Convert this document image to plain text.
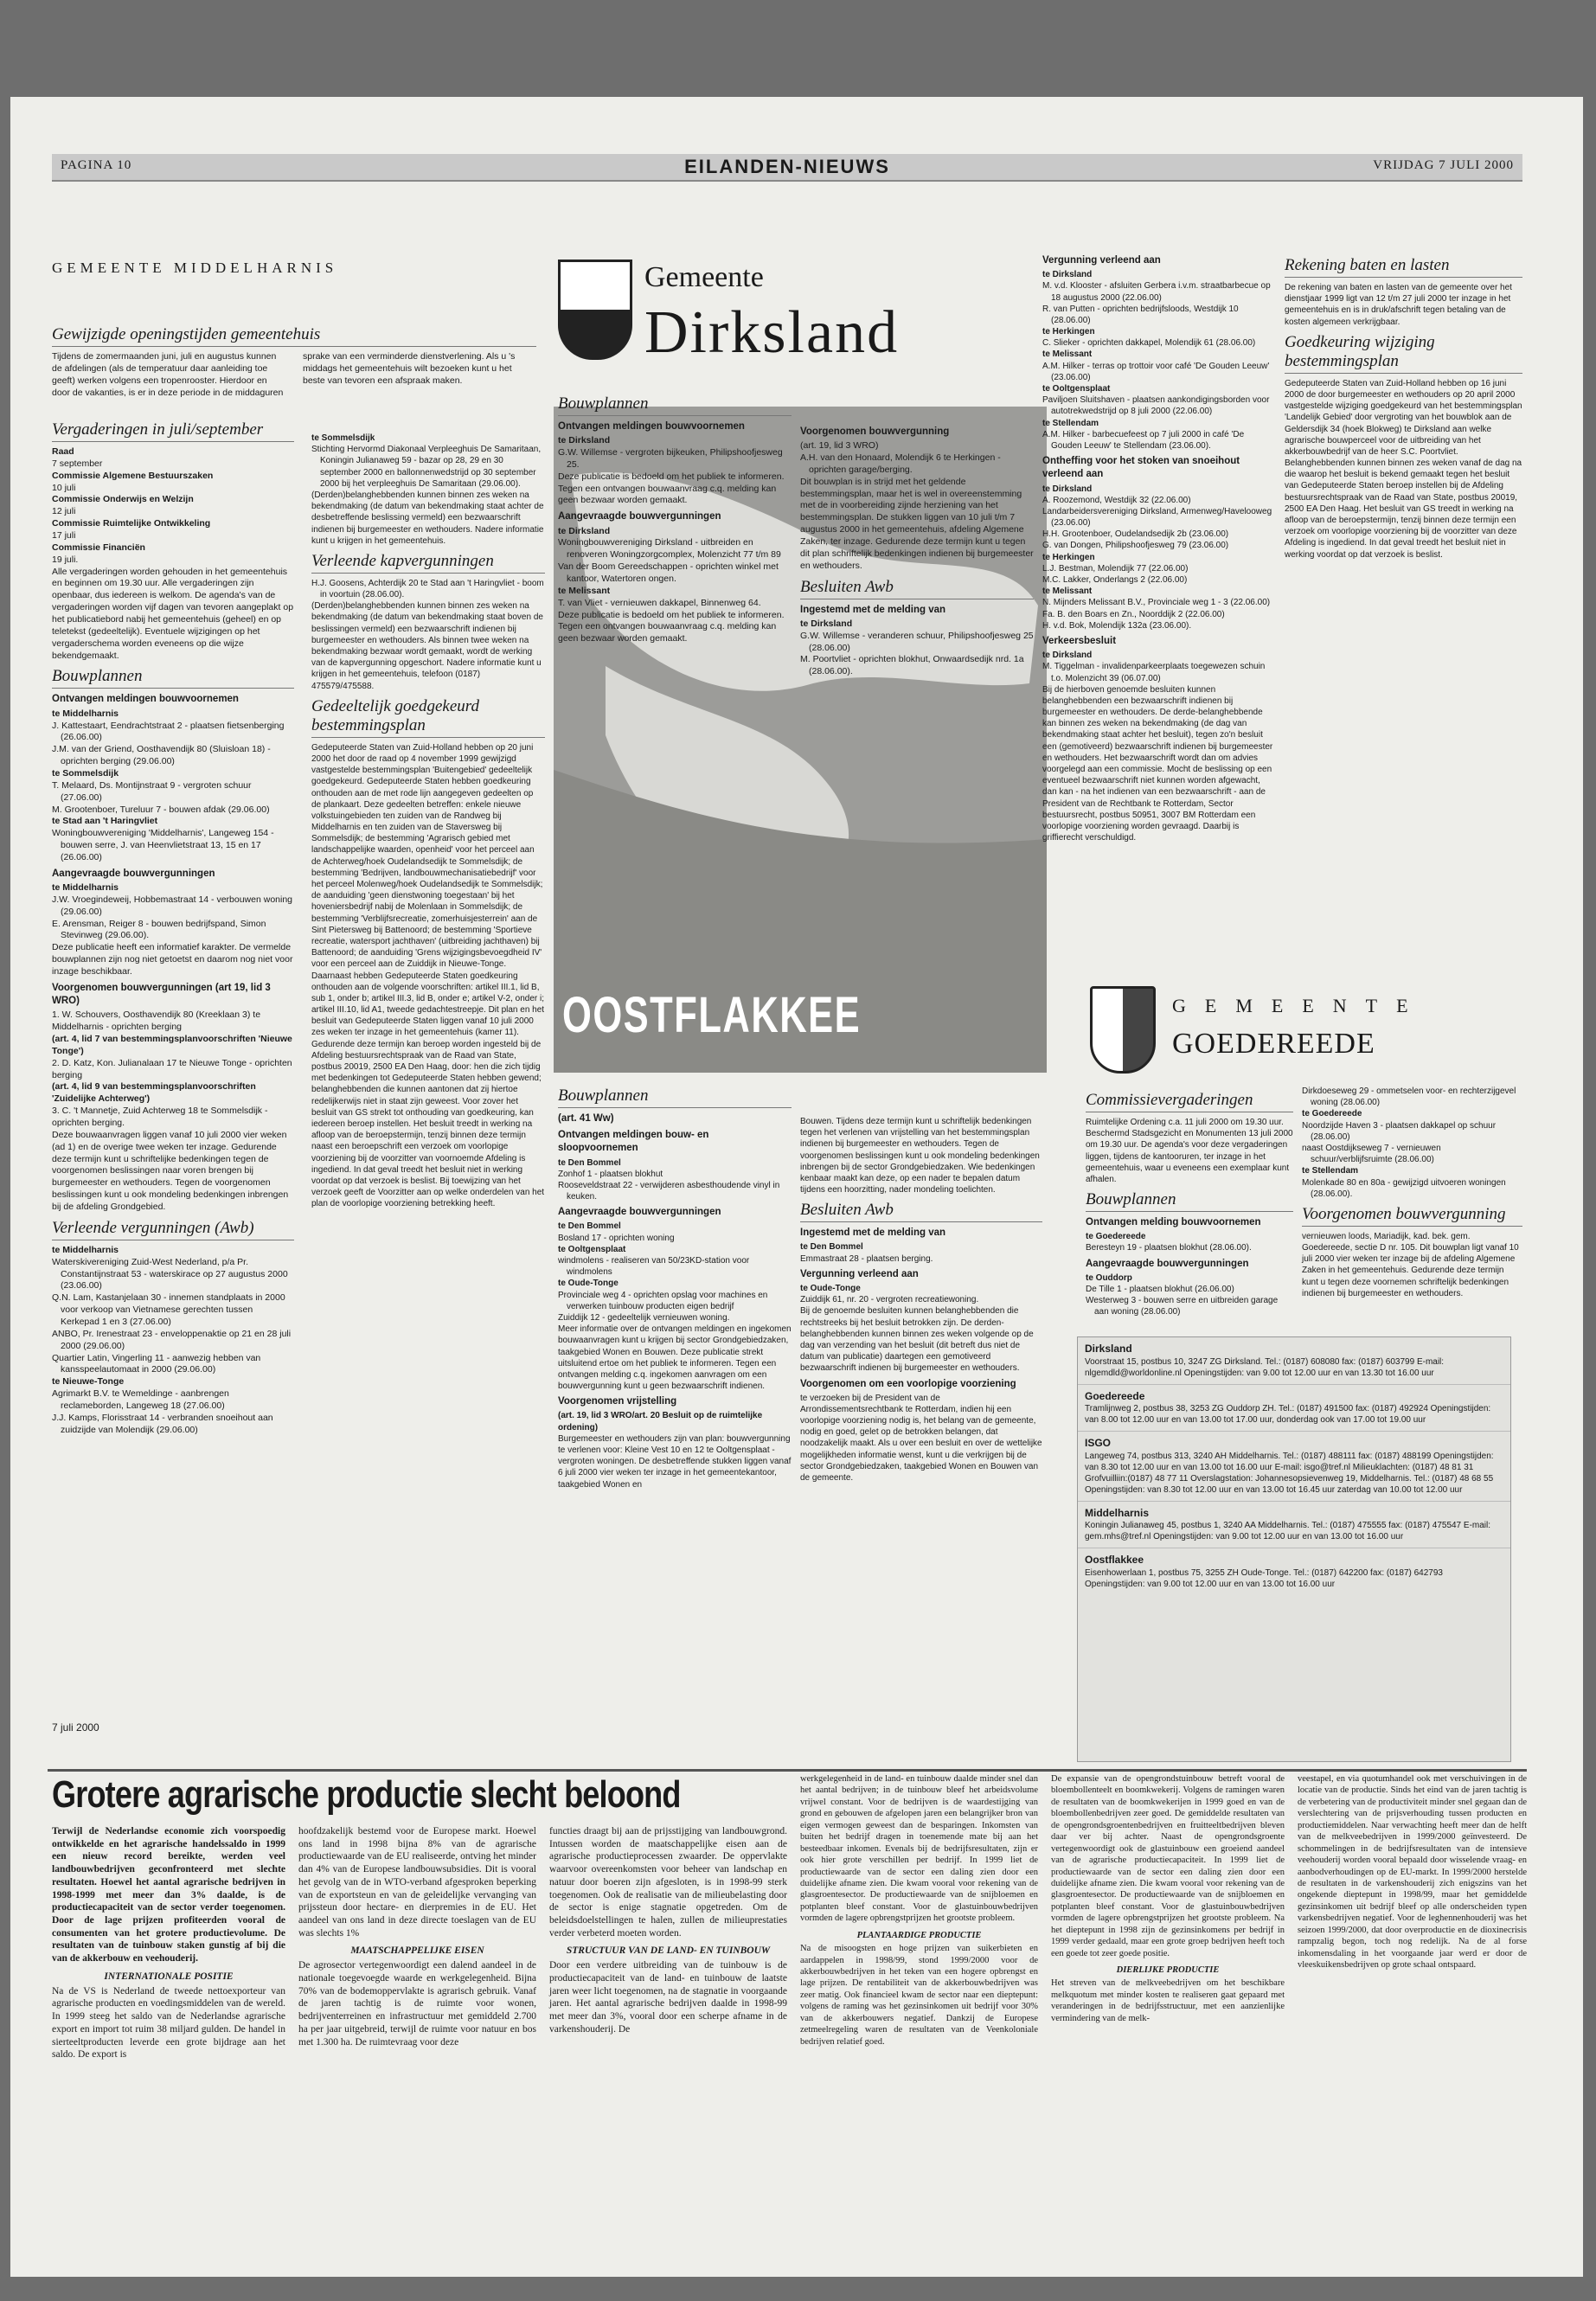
PAGINA 10	EILANDEN-NIEUWS	VRIJDAG 7 JULI 2000
GEMEENTE MIDDELHARNIS
Gewijzigde openingstijden gemeentehuis

Tijdens de zomermaanden juni, juli en augustus kunnen de afdelingen (als de temperatuur daar aanleiding toe geeft) werken volgens een tropenrooster. Hierdoor en door de vakanties, is er in deze periode in de middaguren sprake van een verminderde dienstverlening. Als u 's middags het gemeentehuis wilt bezoeken kunt u het beste van tevoren een afspraak maken.

Vergaderingen in juli/september
Raad
7 september
Commissie Algemene Bestuurszaken
10 juli
Commissie Onderwijs en Welzijn
12 juli
Commissie Ruimtelijke Ontwikkeling
17 juli
Commissie Financiën
19 juli.

Alle vergaderingen worden gehouden in het gemeentehuis en beginnen om 19.30 uur. Alle vergaderingen zijn openbaar, dus iedereen is welkom. De agenda's van de vergaderingen worden vijf dagen van tevoren aangeplakt op het publicatiebord nabij het gemeentehuis (geheel) en op teletekst (gedeeltelijk). Eventuele wijzigingen op het vergaderschema worden eveneens op die wijze bekendgemaakt.

Bouwplannen
Ontvangen meldingen bouwvoornemen
te Middelharnis
J. Kattestaart, Eendrachtstraat 2 - plaatsen fietsenberging (26.06.00)
J.M. van der Griend, Oosthavendijk 80 (Sluisloan 18) - oprichten berging (29.06.00)
te Sommelsdijk
T. Melaard, Ds. Montijnstraat 9 - vergroten schuur (27.06.00)
M. Grootenboer, Tureluur 7 - bouwen afdak (29.06.00)
te Stad aan 't Haringvliet
Woningbouwvereniging 'Middelharnis', Langeweg 154 - bouwen serre, J. van Heenvlietstraat 13, 15 en 17 (26.06.00)
Aangevraagde bouwvergunningen
te Middelharnis
J.W. Vroegindeweij, Hobbemastraat 14 - verbouwen woning (29.06.00)
E. Arensman, Reiger 8 - bouwen bedrijfspand, Simon Stevinweg (29.06.00).

Deze publicatie heeft een informatief karakter. De vermelde bouwplannen zijn nog niet getoetst en daarom nog niet voor inzage beschikbaar.

Voorgenomen bouwvergunningen (art 19, lid 3 WRO)
1. W. Schouvers, Oosthavendijk 80 (Kreeklaan 3) te Middelharnis - oprichten berging
(art. 4, lid 7 van bestemmingsplanvoorschriften 'Nieuwe Tonge')
2. D. Katz, Kon. Julianalaan 17 te Nieuwe Tonge - oprichten berging
(art. 4, lid 9 van bestemmingsplanvoorschriften 'Zuidelijke Achterweg')
3. C. 't Mannetje, Zuid Achterweg 18 te Sommelsdijk - oprichten berging.

Deze bouwaanvragen liggen vanaf 10 juli 2000 vier weken (ad 1) en de overige twee weken ter inzage. Gedurende deze termijn kunt u schriftelijke bedenkingen tegen de voorgenomen beslissingen naar voren brengen bij burgemeester en wethouders. Tegen de voorgenomen beslissingen kunt u ook mondeling bedenkingen inbrengen bij de afdeling Grondgebied.

Verleende vergunningen (Awb)
te Middelharnis
Waterskivereniging Zuid-West Nederland, p/a Pr. Constantijnstraat 53 - waterskirace op 27 augustus 2000 (23.06.00)
Q.N. Lam, Kastanjelaan 30 - innemen standplaats in 2000 voor verkoop van Vietnamese gerechten tussen Kerkepad 1 en 3 (27.06.00)
ANBO, Pr. Irenestraat 23 - enveloppenaktie op 21 en 28 juli 2000 (29.06.00)
Quartier Latin, Vingerling 11 - aanwezig hebben van kansspeelautomaat in 2000 (29.06.00)
te Nieuwe-Tonge
Agrimarkt B.V. te Wemeldinge - aanbrengen reclameborden, Langeweg 18 (27.06.00)
J.J. Kamps, Florisstraat 14 - verbranden snoeihout aan zuidzijde van Molendijk (29.06.00)
7 juli 2000
te Sommelsdijk
Stichting Hervormd Diakonaal Verpleeghuis De Samaritaan, Koningin Julianaweg 59 - bazar op 28, 29 en 30 september 2000 en ballonnenwedstrijd op 30 september 2000 bij het verpleeghuis De Samaritaan (29.06.00).

(Derden)belanghebbenden kunnen binnen zes weken na bekendmaking (de datum van bekendmaking staat achter de desbetreffende beslissing vermeld) een bezwaarschrift indienen bij burgemeester en wethouders. Nadere informatie kunt u krijgen in het gemeentehuis.

Verleende kapvergunningen
H.J. Goosens, Achterdijk 20 te Stad aan 't Haringvliet - boom in voortuin (28.06.00).

(Derden)belanghebbenden kunnen binnen zes weken na bekendmaking (de datum van bekendmaking staat boven de beslissingen vermeld) een bezwaarschrift indienen bij burgemeester en wethouders. Als binnen twee weken na bekendmaking bezwaar wordt gemaakt, wordt de werking van de kapvergunning opgeschort. Nadere informatie kunt u krijgen in het gemeentehuis, telefoon (0187) 475579/475588.

Gedeeltelijk goedgekeurd bestemmingsplan

Gedeputeerde Staten van Zuid-Holland hebben op 20 juni 2000 het door de raad op 4 november 1999 gewijzigd vastgestelde bestemmingsplan 'Buitengebied' gedeeltelijk goedgekeurd. Gedeputeerde Staten hebben goedkeuring onthouden aan de met rode lijn aangegeven gedeelten op de plankaart. Deze gedeelten betreffen: enkele nieuwe volkstuingebieden ten zuiden van de Randweg bij Middelharnis en ten zuiden van de Staversweg bij Sommelsdijk; de bestemming 'Agrarisch gebied met landschappelijke waarden, openheid' voor het perceel aan de Achterweg/hoek Oudelandsedijk te Sommelsdijk; de bestemming 'Bedrijven, landbouwmechanisatiebedrijf' voor het perceel Molenweg/hoek Oudelandsedijk te Sommelsdijk; de aanduiding 'geen dienstwoning toegestaan' bij het hoveniersbedrijf nabij de Molenlaan in Sommelsdijk; de bestemming 'Verblijfsrecreatie, zomerhuisjesterrein' aan de Sint Pietersweg bij Battenoord; de bestemming 'Sportieve recreatie, watersport jachthaven' (uitbreiding jachthaven) bij Battenoord; de aanduiding 'Grens wijzigingsbevoegdheid IV' voor een perceel aan de Zuiddijk in Nieuwe-Tonge. Daarnaast hebben Gedeputeerde Staten goedkeuring onthouden aan de volgende voorschriften: artikel III.1, lid B, sub 1, onder b; artikel III.3, lid B, onder e; artikel V-2, onder i; artikel III.10, lid A1, tweede gedachtestreepje. Dit plan en het besluit van Gedeputeerde Staten liggen vanaf 10 juli 2000 zes weken ter inzage in het gemeentehuis (kamer 11). Gedurende deze termijn kan beroep worden ingesteld bij de Afdeling bestuursrechtspraak van de Raad van State, postbus 20019, 2500 EA Den Haag, door: hen die zich tijdig met bedenkingen tot Gedeputeerde Staten hebben gewend; belanghebbenden die kunnen aantonen dat zij hiertoe redelijkerwijs niet in staat zijn geweest. Voor zover het besluit van GS strekt tot onthouding van goedkeuring, kan iedereen beroep instellen. Het besluit treedt in werking na afloop van de beroepstermijn, tenzij binnen deze termijn naast een beroepschrift een verzoek om voorlopige voorziening bij de voorzitter van voornoemde Afdeling is ingediend. In dat geval treedt het besluit niet in werking voordat op dat verzoek is beslist. Bij toewijzing van het verzoek geeft de Voorzitter aan op welke onderdelen van het plan de voorlopige voorziening betrekking heeft.

Gemeente
Dirksland
OOSTFLAKKEE
Bouwplannen
Ontvangen meldingen bouwvoornemen
te Dirksland
G.W. Willemse - vergroten bijkeuken, Philipshoofjesweg 25.

Deze publicatie is bedoeld om het publiek te informeren. Tegen een ontvangen bouwaanvraag c.q. melding kan geen bezwaar worden gemaakt.

Aangevraagde bouwvergunningen
te Dirksland
Woningbouwvereniging Dirksland - uitbreiden en renoveren Woningzorgcomplex, Molenzicht 77 t/m 89
Van der Boom Gereedschappen - oprichten winkel met kantoor, Watertoren ongen.
te Melissant
T. van Vliet - vernieuwen dakkapel, Binnenweg 64.

Deze publicatie is bedoeld om het publiek te informeren. Tegen een ontvangen bouwaanvraag c.q. melding kan geen bezwaar worden gemaakt.

Voorgenomen bouwvergunning
(art. 19, lid 3 WRO)
A.H. van den Honaard, Molendijk 6 te Herkingen - oprichten garage/berging.

Dit bouwplan is in strijd met het geldende bestemmingsplan, maar het is wel in overeenstemming met de in voorbereiding zijnde herziening van het bestemmingsplan. De stukken liggen van 10 juli t/m 7 augustus 2000 in het gemeentehuis, afdeling Algemene Zaken, ter inzage. Gedurende deze termijn kunt u tegen dit plan schriftelijk bedenkingen indienen bij burgemeester en wethouders.

Besluiten Awb
Ingestemd met de melding van
te Dirksland
G.W. Willemse - veranderen schuur, Philipshoofjesweg 25 (28.06.00)
M. Poortvliet - oprichten blokhut, Onwaardsedijk nrd. 1a (28.06.00).
Vergunning verleend aan
te Dirksland
M. v.d. Klooster - afsluiten Gerbera i.v.m. straatbarbecue op 18 augustus 2000 (22.06.00)
R. van Putten - oprichten bedrijfsloods, Westdijk 10 (28.06.00)
te Herkingen
C. Slieker - oprichten dakkapel, Molendijk 61 (28.06.00)
te Melissant
A.M. Hilker - terras op trottoir voor café 'De Gouden Leeuw' (23.06.00)
te Ooltgensplaat
Paviljoen Sluitshaven - plaatsen aankondigingsborden voor autotrekwedstrijd op 8 juli 2000 (22.06.00)
te Stellendam
A.M. Hilker - barbecuefeest op 7 juli 2000 in café 'De Gouden Leeuw' te Stellendam (23.06.00).
Ontheffing voor het stoken van snoeihout verleend aan
te Dirksland
A. Roozemond, Westdijk 32 (22.06.00)
Landarbeidersvereniging Dirksland, Armenweg/Havelooweg (23.06.00)
H.H. Grootenboer, Oudelandsedijk 2b (23.06.00)
G. van Dongen, Philipshoofjesweg 79 (23.06.00)
te Herkingen
L.J. Bestman, Molendijk 77 (22.06.00)
M.C. Lakker, Onderlangs 2 (22.06.00)
te Melissant
N. Mijnders Melissant B.V., Provinciale weg 1 - 3 (22.06.00)
Fa. B. den Boars en Zn., Noorddijk 2 (22.06.00)
H. v.d. Bok, Molendijk 132a (23.06.00).
Verkeersbesluit
te Dirksland
M. Tiggelman - invalidenparkeerplaats toegewezen schuin t.o. Molenzicht 39 (06.07.00)

Bij de hierboven genoemde besluiten kunnen belanghebbenden een bezwaarschrift indienen bij burgemeester en wethouders. De derde-belanghebbende kan binnen zes weken na bekendmaking (de dag van bekendmaking staat achter het besluit), tegen zo'n besluit een (gemotiveerd) bezwaarschrift indienen bij burgemeester en wethouders. Het bezwaarschrift wordt dan om advies voorgelegd aan een commissie. Mocht de beslissing op een eventueel bezwaarschrift niet kunnen worden afgewacht, dan kan - na het indienen van een bezwaarschrift - aan de President van de Rechtbank te Rotterdam, Sector bestuursrecht, postbus 50951, 3007 BM Rotterdam een voorlopige voorziening worden gevraagd. Daarbij is griffierecht verschuldigd.

Rekening baten en lasten

De rekening van baten en lasten van de gemeente over het dienstjaar 1999 ligt van 12 t/m 27 juli 2000 ter inzage in het gemeentehuis en is in druk/afschrift tegen betaling van de kosten algemeen verkrijgbaar.

Goedkeuring wijziging bestemmingsplan

Gedeputeerde Staten van Zuid-Holland hebben op 16 juni 2000 de door burgemeester en wethouders op 20 april 2000 vastgestelde wijziging goedgekeurd van het bestemmingsplan 'Landelijk Gebied' door vergroting van het bouwblok aan de Geldersdijk 34 (hoek Blokweg) te Dirksland aan welke agrarische bouwperceel voor de uitbreiding van het akkerbouwbedrijf van de heer S.C. Poortvliet. Belanghebbenden kunnen binnen zes weken vanaf de dag na die waarop het besluit is bekend gemaakt tegen het besluit van Gedeputeerde Staten beroep instellen bij de Afdeling bestuursrechtspraak van de Raad van State, postbus 20019, 2500 EA Den Haag. Het besluit van GS treedt in werking na afloop van de beroepstermijn, tenzij binnen deze termijn een verzoek om voorlopige voorziening bij de voorzitter van deze Afdeling is ingediend. In dat geval treedt het besluit niet in werking voordat op dat verzoek is beslist.

GEMEENTE
GOEDEREEDE
Commissievergaderingen

Ruimtelijke Ordening c.a. 11 juli 2000 om 19.30 uur. Beschermd Stadsgezicht en Monumenten 13 juli 2000 om 19.30 uur. De agenda's voor deze vergaderingen liggen, tijdens de kantooruren, ter inzage in het gemeentehuis, waar u eveneens een exemplaar kunt afhalen.

Bouwplannen
Ontvangen melding bouwvoornemen
te Goedereede
Beresteyn 19 - plaatsen blokhut (28.06.00).
Aangevraagde bouwvergunningen
te Ouddorp
De Tille 1 - plaatsen blokhut (26.06.00)
Westerweg 3 - bouwen serre en uitbreiden garage aan woning (28.06.00)
Dirkdoeseweg 29 - ommetselen voor- en rechterzijgevel woning (28.06.00)
te Goedereede
Noordzijde Haven 3 - plaatsen dakkapel op schuur (28.06.00)
naast Oostdijkseweg 7 - vernieuwen schuur/verblijfsruimte (28.06.00)
te Stellendam
Molenkade 80 en 80a - gewijzigd uitvoeren woningen (28.06.00).
Voorgenomen bouwvergunning

vernieuwen loods, Mariadijk, kad. bek. gem. Goedereede, sectie D nr. 105. Dit bouwplan ligt vanaf 10 juli 2000 vier weken ter inzage bij de afdeling Algemene Zaken in het gemeentehuis. Gedurende deze termijn kunt u tegen deze voornemen schriftelijk bedenkingen indienen bij burgemeester en wethouders.

Bouwplannen
(art. 41 Ww)
Ontvangen meldingen bouw- en sloopvoornemen
te Den Bommel
Zonhof 1 - plaatsen blokhut
Rooseveldstraat 22 - verwijderen asbesthoudende vinyl in keuken.
Aangevraagde bouwvergunningen
te Den Bommel
Bosland 17 - oprichten woning
te Ooltgensplaat
windmolens - realiseren van 50/23KD-station voor windmolens
te Oude-Tonge
Provinciale weg 4 - oprichten opslag voor machines en verwerken tuinbouw producten eigen bedrijf
Zuiddijk 12 - gedeeltelijk vernieuwen woning.

Meer informatie over de ontvangen meldingen en ingekomen bouwaanvragen kunt u krijgen bij sector Grondgebiedzaken, taakgebied Wonen en Bouwen. Deze publicatie strekt uitsluitend ertoe om het publiek te informeren. Tegen een ontvangen melding c.q. ingekomen aanvragen om een bouwvergunning kunt u geen bezwaarschrift indienen.

Voorgenomen vrijstelling
(art. 19, lid 3 WRO/art. 20 Besluit op de ruimtelijke ordening)

Burgemeester en wethouders zijn van plan: bouwvergunning te verlenen voor: Kleine Vest 10 en 12 te Ooltgensplaat - vergroten woningen. De desbetreffende stukken liggen vanaf 6 juli 2000 vier weken ter inzage in het gemeentekantoor, taakgebied Wonen en

Bouwen. Tijdens deze termijn kunt u schriftelijk bedenkingen tegen het verlenen van vrijstelling van het bestemmingsplan indienen bij burgemeester en wethouders. Tegen de voorgenomen beslissingen kunt u ook mondeling bedenkingen inbrengen bij de sector Grondgebiedzaken. Wie bedenkingen kenbaar maakt kan deze, op een nader te bepalen datum tijdens een hoorzitting, nader mondeling toelichten.

Besluiten Awb
Ingestemd met de melding van
te Den Bommel
Emmastraat 28 - plaatsen berging.
Vergunning verleend aan
te Oude-Tonge
Zuiddijk 61, nr. 20 - vergroten recreatiewoning.

Bij de genoemde besluiten kunnen belanghebbenden die rechtstreeks bij het besluit betrokken zijn. De derden-belanghebbenden kunnen binnen zes weken volgende op de dag van verzending van het besluit (dit betreft dus niet de datum van publicatie) daartegen een gemotiveerd bezwaarschrift indienen bij burgemeester en wethouders.

Voorgenomen om een voorlopige voorziening

te verzoeken bij de President van de Arrondissementsrechtbank te Rotterdam, indien hij een voorlopige voorziening nodig is, het belang van de gemeente, nodig en goed, gelet op de betrokken belangen, dat noodzakelijk maakt. Als u over een besluit en over de wettelijke mogelijkheden informatie wenst, kunt u die verkrijgen bij de sector Grondgebiedzaken, taakgebied Wonen en Bouwen van de gemeente.

Dirksland
Voorstraat 15, postbus 10, 3247 ZG Dirksland. Tel.: (0187) 608080 fax: (0187) 603799 E-mail: nlgemdld@worldonline.nl Openingstijden: van 9.00 tot 12.00 uur en van 13.30 tot 16.00 uur
Goedereede
Tramlijnweg 2, postbus 38, 3253 ZG Ouddorp ZH. Tel.: (0187) 491500 fax: (0187) 492924 Openingstijden: van 8.00 tot 12.00 uur en van 13.00 tot 17.00 uur, donderdag ook van 17.00 tot 19.00 uur
ISGO
Langeweg 74, postbus 313, 3240 AH Middelharnis. Tel.: (0187) 488111 fax: (0187) 488199 Openingstijden: van 8.30 tot 12.00 uur en van 13.00 tot 16.00 uur E-mail: isgo@tref.nl Milieuklachten: (0187) 48 81 31 Grofvuilliin:(0187) 48 77 11 Overslagstation: Johannesopsievenweg 19, Middelharnis. Tel.: (0187) 48 68 55 Openingstijden: van 8.30 tot 12.00 uur en van 13.00 tot 16.45 uur zaterdag van 10.00 tot 12.00 uur
Middelharnis
Koningin Julianaweg 45, postbus 1, 3240 AA Middelharnis. Tel.: (0187) 475555 fax: (0187) 475547 E-mail: gem.mhs@tref.nl Openingstijden: van 9.00 tot 12.00 uur en van 13.00 tot 16.00 uur
Oostflakkee
Eisenhowerlaan 1, postbus 75, 3255 ZH Oude-Tonge. Tel.: (0187) 642200 fax: (0187) 642793 Openingstijden: van 9.00 tot 12.00 uur en van 13.00 tot 16.00 uur
Grotere agrarische productie slecht beloond

Terwijl de Nederlandse economie zich voorspoedig ontwikkelde en het agrarische handelssaldo in 1999 een nieuw record bereikte, werden veel landbouwbedrijven geconfronteerd met slechte resultaten. Hoewel het aantal agrarische bedrijven in 1998-1999 met meer dan 3% daalde, is de productiecapaciteit van de sector verder toegenomen. Door de lage prijzen profiteerden vooral de consumenten van het grotere productievolume. De resultaten van de tuinbouw staken gunstig af bij die van de akkerbouw en veehouderij.

INTERNATIONALE POSITIE

Na de VS is Nederland de tweede nettoexporteur van agrarische producten en voedingsmiddelen van de wereld. In 1999 steeg het saldo van de Nederlandse agrarische export en import tot ruim 38 miljard gulden. De handel in sierteeltproducten leverde een grote bijdrage aan het saldo. De export is

hoofdzakelijk bestemd voor de Europese markt. Hoewel ons land in 1998 bijna 8% van de agrarische productiewaarde van de EU realiseerde, ontving het minder dan 4% van de Europese landbouwsubsidies. Dit is vooral het gevolg van de in WTO-verband afgesproken beperking van de exportsteun en van de geleidelijke vervanging van prijssteun door hectare- en dierpremies in de EU. Het aandeel van ons land in deze directe toeslagen van de EU was slechts 1%

MAATSCHAPPELIJKE EISEN

De agrosector vertegenwoordigt een dalend aandeel in de nationale toegevoegde waarde en werkgelegenheid. Bijna 70% van de bodemoppervlakte is agrarisch gebruik. Vanaf de jaren tachtig is de ruimte voor wonen, bedrijventerreinen en infrastructuur met gemiddeld 2.700 ha per jaar uitgebreid, terwijl de ruimte voor natuur en bos met 1.300 ha. De ruimtevraag voor deze

functies draagt bij aan de prijsstijging van landbouwgrond. Intussen worden de maatschappelijke eisen aan de agrarische productieprocessen zwaarder. De oppervlakte waarvoor overeenkomsten voor beheer van landschap en natuur door boeren zijn afgesloten, is in 1998-99 sterk toegenomen. Ook de realisatie van de milieubelasting door de sector is enige stagnatie opgetreden. Om de beleidsdoelstellingen te halen, zullen de milieuprestaties verder verbeterd moeten worden.

STRUCTUUR VAN DE LAND- EN TUINBOUW

Door een verdere uitbreiding van de tuinbouw is de productiecapaciteit van de land- en tuinbouw de laatste jaren weer licht toegenomen, na de stagnatie in voorgaande jaren. Het aantal agrarische bedrijven daalde in 1998-99 met meer dan 3%, vooral door een scherpe afname in de varkenshouderij. De

werkgelegenheid in de land- en tuinbouw daalde minder snel dan het aantal bedrijven; in de tuinbouw bleef het arbeidsvolume vrijwel constant. Voor de bedrijven is de waardestijging van grond en gebouwen de afgelopen jaren een belangrijker bron van eigen vermogen geweest dan de besparingen. Inkomsten van buiten het bedrijf dragen in toenemende mate bij aan het besteedbaar inkomen. Evenals bij de bedrijfsresultaten, zijn er ook hier grote verschillen per bedrijf. In 1999 liet de productiewaarde van de sector een daling zien door een duidelijke afname zien. Die kwam vooral voor rekening van de glasgroentesector. De productiewaarde van de snijbloemen en potplanten bleef constant. Voor de glastuinbouwbedrijven vormden de lagere opbrengstprijzen het grootste probleem.

PLANTAARDIGE PRODUCTIE

Na de misoogsten en hoge prijzen van suikerbieten en aardappelen in 1998/99, stond 1999/2000 voor de akkerbouwbedrijven in het teken van een hogere opbrengst en lage prijzen. De rentabiliteit van de akkerbouwbedrijven was zeer matig. Ook financieel kwam de sector naar een dieptepunt: volgens de raming was het gezinsinkomen uit bedrijf voor 30% van de akkerbouwers negatief. Dankzij de Europese zetmeelregeling waren de resultaten van de Veenkoloniale bedrijven relatief goed.

De expansie van de opengrondstuinbouw betreft vooral de bloembollenteelt en boomkwekerij. Volgens de ramingen waren de resultaten van de boomkwekerijen in 1999 goed en van de bloembollenbedrijven zeer goed. De gemiddelde resultaten van de opengrondsgroentenbedrijven en fruitteeltbedrijven bleven daar ver bij achter. Naast de opengrondsgroente vertegenwoordigt ook de glastuinbouw een groeiend aandeel van de agrarische productiecapaciteit. In 1999 liet de productiewaarde van de sector een daling zien door een duidelijke afname zien. Die kwam vooral voor rekening van de glasgroentesector. De productiewaarde van de snijbloemen en potplanten bleef constant. Voor de glastuinbouwbedrijven vormden de lagere opbrengstprijzen het grootste probleem. Na het dieptepunt in 1998 zijn de gezinsinkomens per bedrijf in 1999 verder gedaald, maar een grote groep bedrijven heeft toch een goede tot zeer goede positie.

DIERLIJKE PRODUCTIE

Het streven van de melkveebedrijven om het beschikbare melkquotum met minder kosten te realiseren gaat gepaard met veranderingen in de bedrijfsstructuur, met een aanzienlijke vermindering van de melk-

veestapel, en via quotumhandel ook met verschuivingen in de locatie van de productie. Sinds het eind van de jaren tachtig is de verbetering van de productiviteit minder snel gegaan dan de verslechtering van de prijsverhouding tussen producten en productiemiddelen. Naar verwachting heeft meer dan de helft van de melkveebedrijven in 1999/2000 geïnvesteerd. De schommelingen in de bedrijfsresultaten van de intensieve veehouderij worden vooral bepaald door wisselende vraag- en aanbodverhoudingen op de EU-markt. In 1999/2000 herstelde de resultaten in de varkenshouderij zich enigszins van het ongekende dieptepunt in 1998/99, maar het gemiddelde gezinsinkomen uit bedrijf bleef op alle onderscheiden typen varkensbedrijven negatief. Voor de leghennenhouderij was het seizoen 1999/2000, dat door overproductie en de dioxinecrisis rampzalig begon, toch nog redelijk. Na de al forse inkomensdaling in het voorgaande jaar werd er door de vleeskuikensbedrijven op grote schaal ontspaard.
